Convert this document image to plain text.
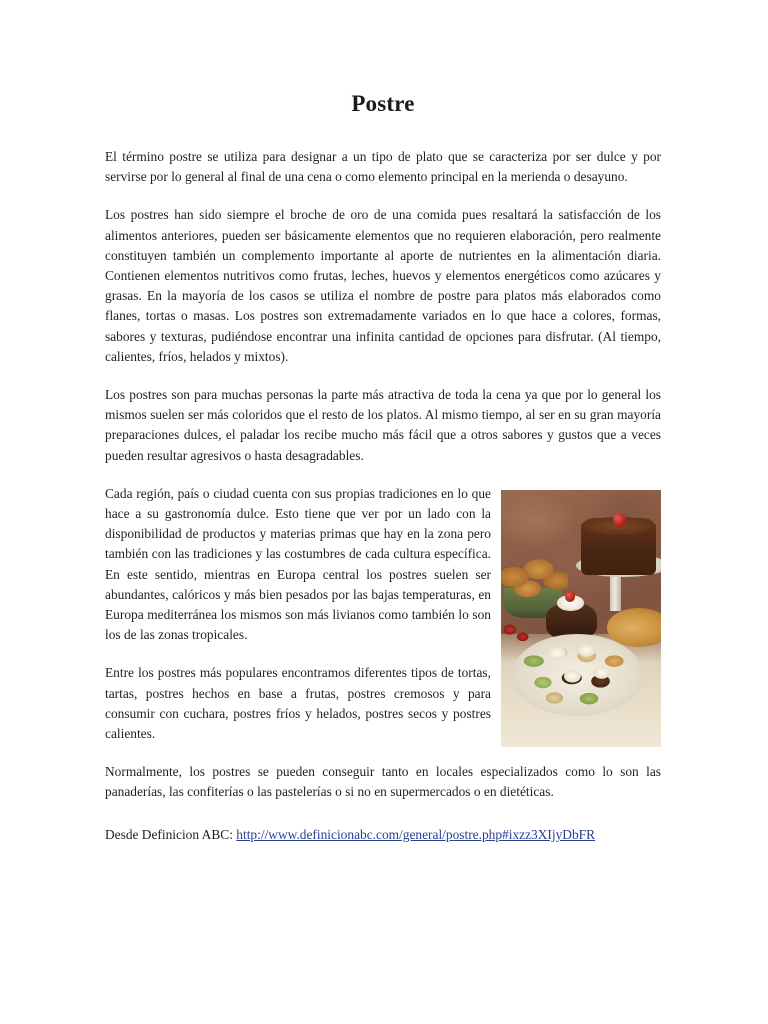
Postre

El término postre se utiliza para designar a un tipo de plato que se caracteriza por ser dulce y por servirse por lo general al final de una cena o como elemento principal en la merienda o desayuno.

Los postres han sido siempre el broche de oro de una comida pues resaltará la satisfacción de los alimentos anteriores, pueden ser básicamente elementos que no requieren elaboración, pero realmente constituyen también un complemento importante al aporte de nutrientes en la alimentación diaria. Contienen elementos nutritivos como frutas, leches, huevos y elementos energéticos como azúcares y grasas. En la mayoría de los casos se utiliza el nombre de postre para platos más elaborados como flanes, tortas o masas. Los postres son extremadamente variados en lo que hace a colores, formas, sabores y texturas, pudiéndose encontrar una infinita cantidad de opciones para disfrutar. (Al tiempo, calientes, fríos, helados y mixtos).

Los postres son para muchas personas la parte más atractiva de toda la cena ya que por lo general los mismos suelen ser más coloridos que el resto de los platos. Al mismo tiempo, al ser en su gran mayoría preparaciones dulces, el paladar los recibe mucho más fácil que a otros sabores y gustos que a veces pueden resultar agresivos o hasta desagradables.

Cada región, país o ciudad cuenta con sus propias tradiciones en lo que hace a su gastronomía dulce. Esto tiene que ver por un lado con la disponibilidad de productos y materias primas que hay en la zona pero también con las tradiciones y las costumbres de cada cultura específica. En este sentido, mientras en Europa central los postres suelen ser abundantes, calóricos y más bien pesados por las bajas temperaturas, en Europa mediterránea los mismos son más livianos como también lo son los de las zonas tropicales.

Entre los postres más populares encontramos diferentes tipos de tortas, tartas, postres hechos en base a frutas, postres cremosos y para consumir con cuchara, postres fríos y helados, postres secos y postres calientes.

Normalmente, los postres se pueden conseguir tanto en locales especializados como lo son las panaderías, las confiterías o las pastelerías o si no en supermercados o en dietéticas.

Desde Definicion ABC: http://www.definicionabc.com/general/postre.php#ixzz3XIjyDbFR
